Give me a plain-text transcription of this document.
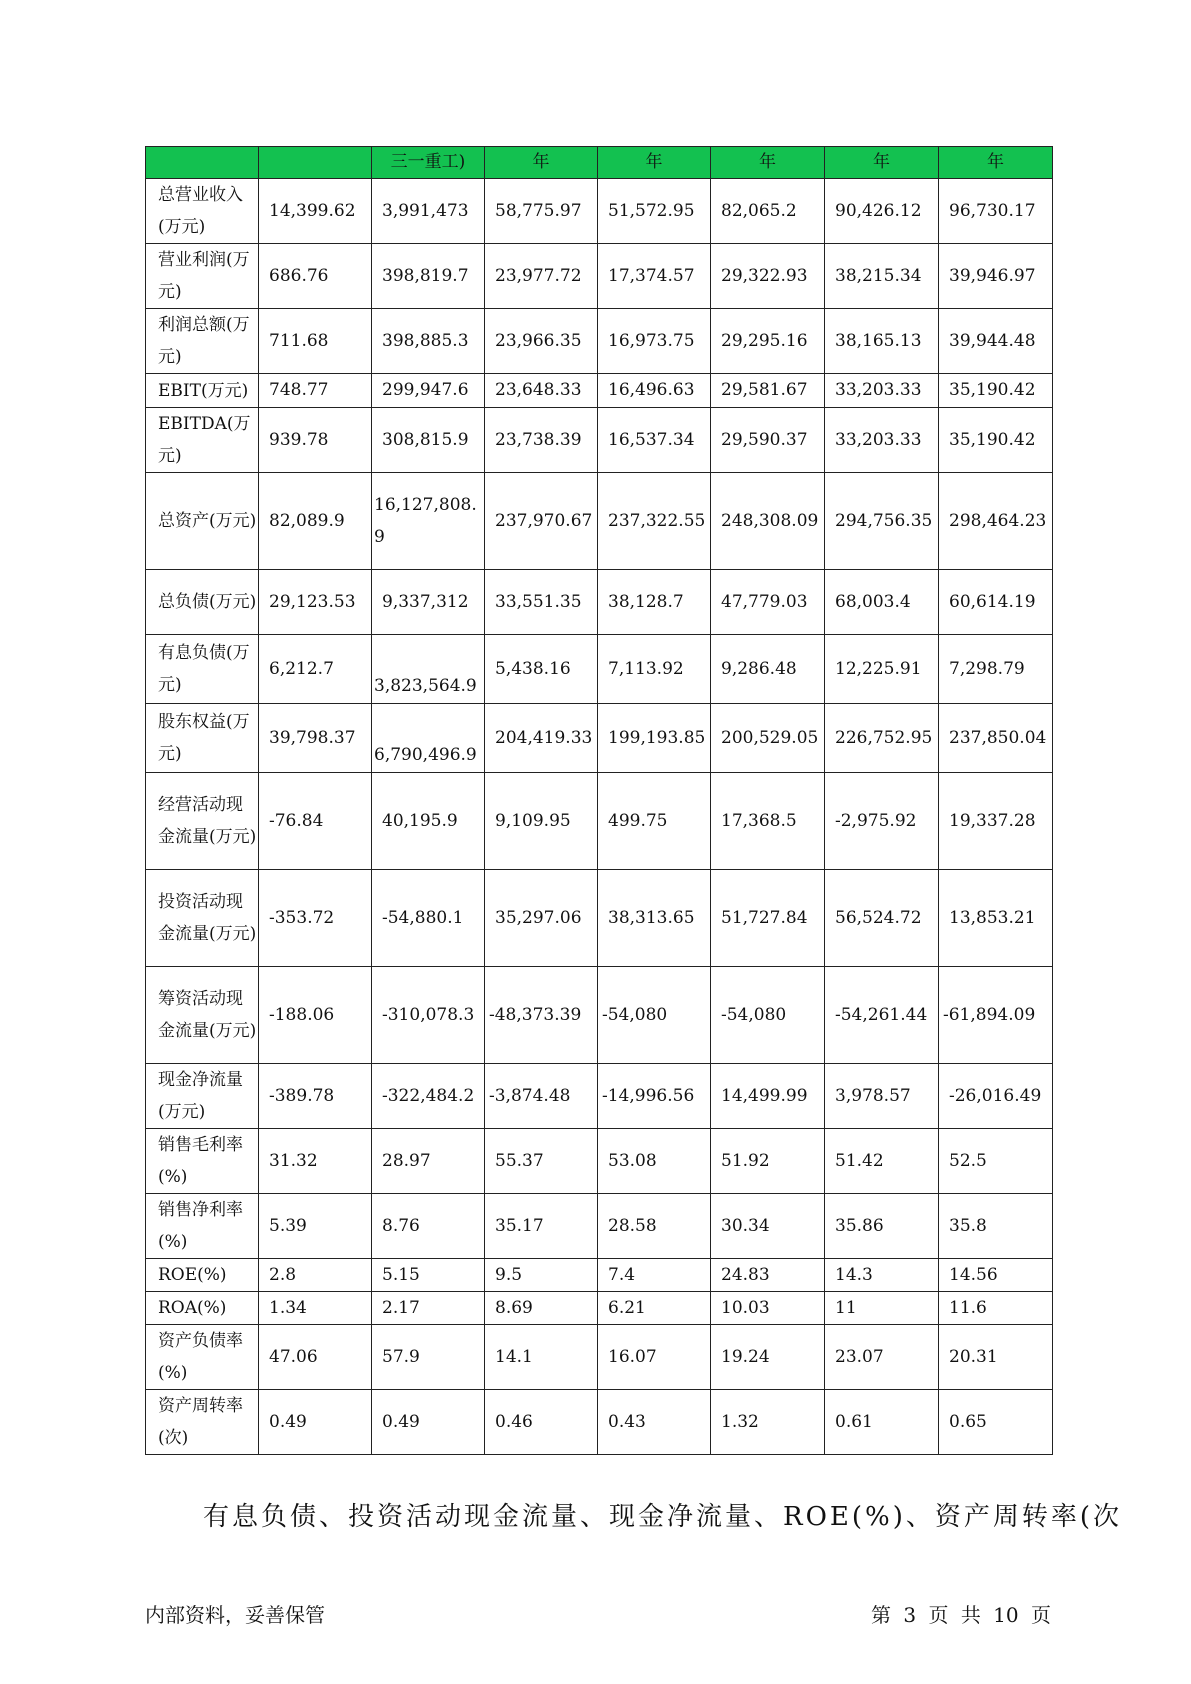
		三一重工)	年	年	年	年	年

总营业收入(万元)	14,399.62	3,991,473	58,775.97	51,572.95	82,065.2	90,426.12	96,730.17

营业利润(万元)	686.76	398,819.7	23,977.72	17,374.57	29,322.93	38,215.34	39,946.97

利润总额(万元)	711.68	398,885.3	23,966.35	16,973.75	29,295.16	38,165.13	39,944.48

EBIT(万元)	748.77	299,947.6	23,648.33	16,496.63	29,581.67	33,203.33	35,190.42

EBITDA(万元)	939.78	308,815.9	23,738.39	16,537.34	29,590.37	33,203.33	35,190.42

总资产(万元)	82,089.9	16,127,808.9	237,970.67	237,322.55	248,308.09	294,756.35	298,464.23

总负债(万元)	29,123.53	9,337,312	33,551.35	38,128.7	47,779.03	68,003.4	60,614.19

有息负债(万元)	6,212.7	3,823,564.9	5,438.16	7,113.92	9,286.48	12,225.91	7,298.79

股东权益(万元)	39,798.37	6,790,496.9	204,419.33	199,193.85	200,529.05	226,752.95	237,850.04

经营活动现金流量(万元)	-76.84	40,195.9	9,109.95	499.75	17,368.5	-2,975.92	19,337.28

投资活动现金流量(万元)	-353.72	-54,880.1	35,297.06	38,313.65	51,727.84	56,524.72	13,853.21

筹资活动现金流量(万元)	-188.06	-310,078.3	-48,373.39	-54,080	-54,080	-54,261.44	-61,894.09

现金净流量(万元)	-389.78	-322,484.2	-3,874.48	-14,996.56	14,499.99	3,978.57	-26,016.49

销售毛利率(%)	31.32	28.97	55.37	53.08	51.92	51.42	52.5

销售净利率(%)	5.39	8.76	35.17	28.58	30.34	35.86	35.8

ROE(%)	2.8	5.15	9.5	7.4	24.83	14.3	14.56

ROA(%)	1.34	2.17	8.69	6.21	10.03	11	11.6

资产负债率(%)	47.06	57.9	14.1	16.07	19.24	23.07	20.31

资产周转率(次)	0.49	0.49	0.46	0.43	1.32	0.61	0.65
有息负债、投资活动现金流量、现金净流量、ROE(%)、资产周转率(次
内部资料，妥善保管	第 3 页 共 10 页
